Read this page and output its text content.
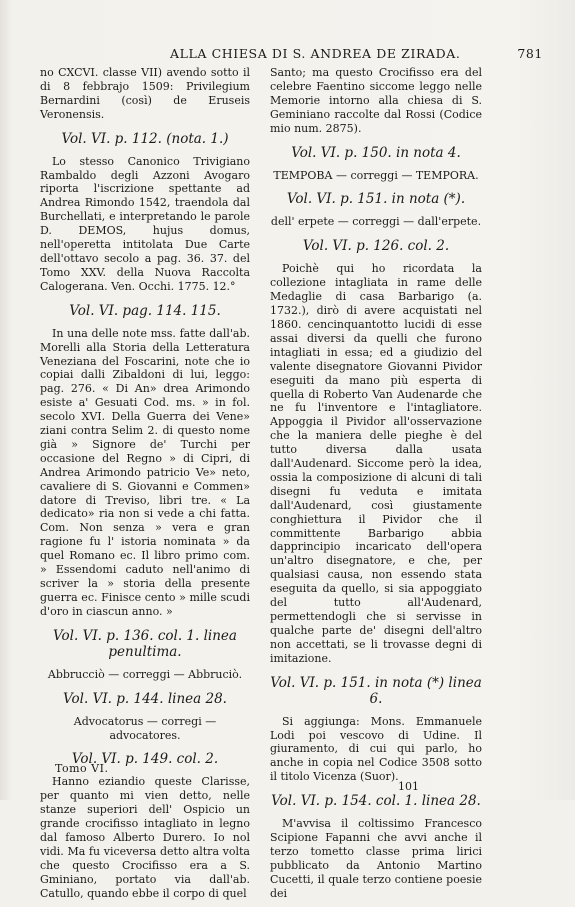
ALLA CHIESA DI S. ANDREA DE ZIRADA.	781

no CXCVI. classe VII) avendo sotto il di 8 febbrajo 1509: Privilegium Bernardini (così) de Eruseis Veronensis.

Vol. VI. p. 112. (nota. 1.)

Lo stesso Canonico Trivigiano Rambaldo degli Azzoni Avogaro riporta l'iscrizione spettante ad Andrea Rimondo 1542, traendola dal Burchellati, e interpretando le parole D. DEMOS, hujus domus, nell'operetta intitolata Due Carte dell'ottavo secolo a pag. 36. 37. del Tomo XXV. della Nuova Raccolta Calogerana. Ven. Occhi. 1775. 12.°

Vol. VI. pag. 114. 115.

In una delle note mss. fatte dall'ab. Morelli alla Storia della Letteratura Veneziana del Foscarini, note che io copiai dalli Zibaldoni di lui, leggo: pag. 276. « Di An» drea Arimondo esiste a' Gesuati Cod. ms. » in fol. secolo XVI. Della Guerra dei Vene» ziani contra Selim 2. di questo nome già » Signore de' Turchi per occasione del Regno » di Cipri, di Andrea Arimondo patricio Ve» neto, cavaliere di S. Giovanni e Commen» datore di Treviso, libri tre. « La dedicato» ria non si vede a chi fatta. Com. Non senza » vera e gran ragione fu l' istoria nominata » da quel Romano ec. Il libro primo com. » Essendomi caduto nell'animo di scriver la » storia della presente guerra ec. Finisce cento » mille scudi d'oro in ciascun anno. »

Vol. VI. p. 136. col. 1. linea penultima.
Abbrucciò — correggi — Abbruciò.
Vol. VI. p. 144. linea 28.
Advocatorus — corregi — advocatores.
Vol. VI. p. 149. col. 2.

Hanno eziandio queste Clarisse, per quanto mi vien detto, nelle stanze superiori dell' Ospicio un grande crocifisso intagliato in legno dal famoso Alberto Durero. Io nol vidi. Ma fu viceversa detto altra volta che questo Crocifisso era a S. Gminiano, portato via dall'ab. Catullo, quando ebbe il corpo di quel

Santo; ma questo Crocifisso era del celebre Faentino siccome leggo nelle Memorie intorno alla chiesa di S. Geminiano raccolte dal Rossi (Codice mio num. 2875).

Vol. VI. p. 150. in nota 4.
TEMPOBA — correggi — TEMPORA.
Vol. VI. p. 151. in nota (*).
dell' erpete — correggi — dall'erpete.
Vol. VI. p. 126. col. 2.

Poichè qui ho ricordata la collezione intagliata in rame delle Medaglie di casa Barbarigo (a. 1732.), dirò di avere acquistati nel 1860. cencinquantotto lucidi di esse assai diversi da quelli che furono intagliati in essa; ed a giudizio del valente disegnatore Giovanni Pividor eseguiti da mano più esperta di quella di Roberto Van Audenarde che ne fu l'inventore e l'intagliatore. Appoggia il Pividor all'osservazione che la maniera delle pieghe è del tutto diversa dalla usata dall'Audenard. Siccome però la idea, ossia la composizione di alcuni di tali disegni fu veduta e imitata dall'Audenard, così giustamente conghiettura il Pividor che il committente Barbarigo abbia dapprincipio incaricato dell'opera un'altro disegnatore, e che, per qualsiasi causa, non essendo stata eseguita da quello, si sia appoggiato del tutto all'Audenard, permettendogli che si servisse in qualche parte de' disegni dell'altro non accettati, se li trovasse degni di imitazione.

Vol. VI. p. 151. in nota (*) linea 6.

Si aggiunga: Mons. Emmanuele Lodi poi vescovo di Udine. Il giuramento, di cui qui parlo, ho anche in copia nel Codice 3508 sotto il titolo Vicenza (Suor).

Vol. VI. p. 154. col. 1. linea 28.

M'avvisa il coltissimo Francesco Scipione Fapanni che avvi anche il terzo tometto classe prima lirici pubblicato da Antonio Martino Cucetti, il quale terzo contiene poesie dei

Tomo VI.
101
